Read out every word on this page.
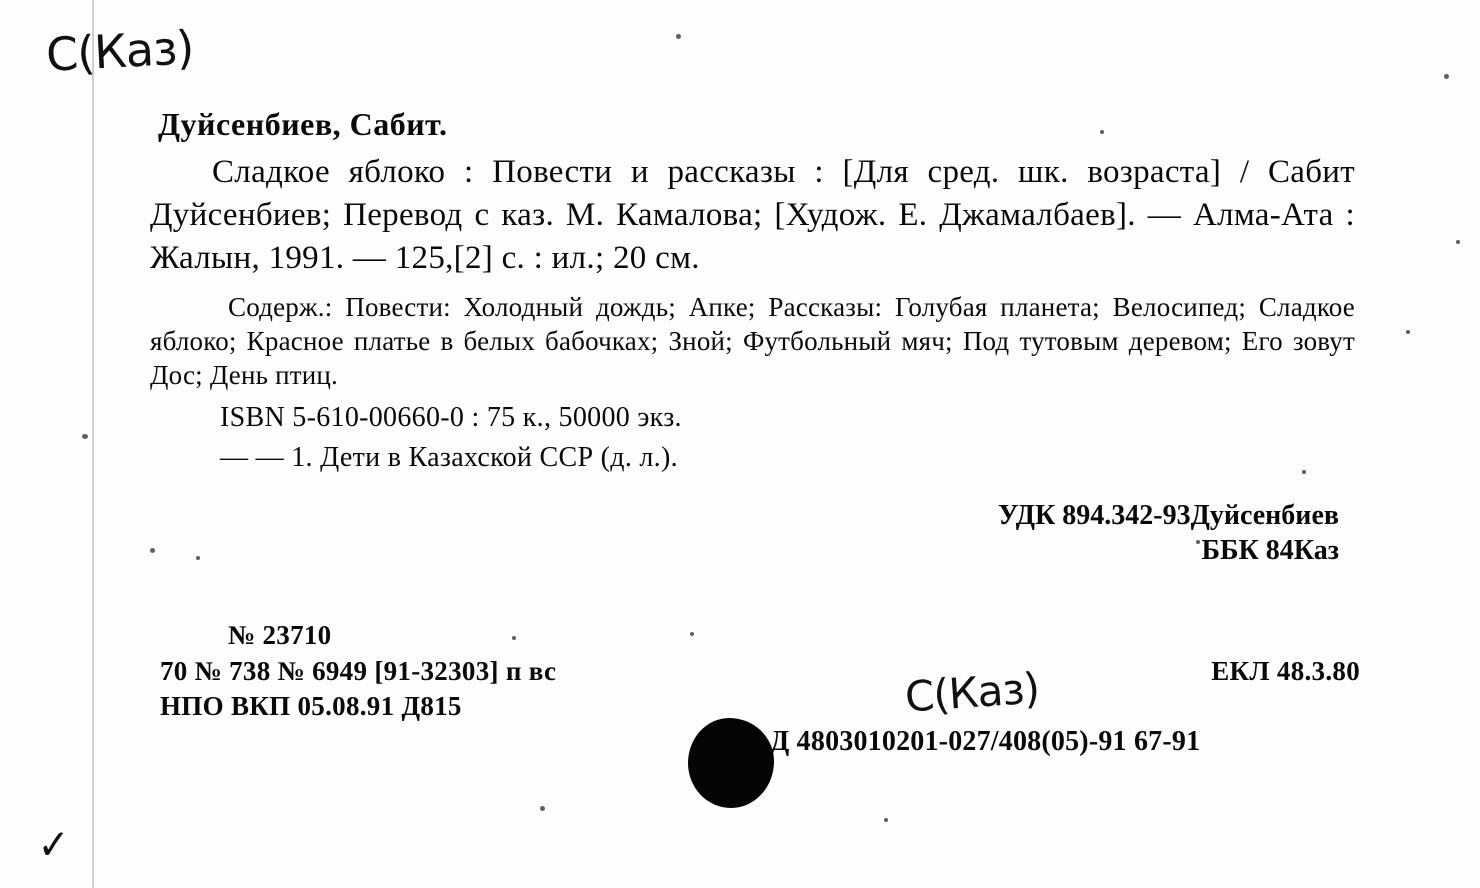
С(Каз)
Дуйсенбиев, Сабит.

Сладкое яблоко : Повести и рассказы : [Для сред. шк. возраста] / Сабит Дуйсенбиев; Перевод с каз. М. Камалова; [Худож. Е. Джамалбаев]. — Алма-Ата : Жалын, 1991. — 125,[2] с. : ил.; 20 см.

Содерж.: Повести: Холодный дождь; Апке; Рассказы: Голубая планета; Велосипед; Сладкое яблоко; Красное платье в белых бабочках; Зной; Футбольный мяч; Под тутовым деревом; Его зовут Дос; День птиц.

ISBN 5-610-00660-0 : 75 к., 50000 экз.
— — 1. Дети в Казахской ССР (д. л.).
УДК 894.342-93Дуйсенбиев
ББК 84Каз
№ 23710
70 № 738 № 6949 [91-32303] п вс	ЕКЛ 48.3.80
НПО ВКП 05.08.91 Д815
Д 4803010201-027/408(05)-91 67-91
С(Каз)
✓
